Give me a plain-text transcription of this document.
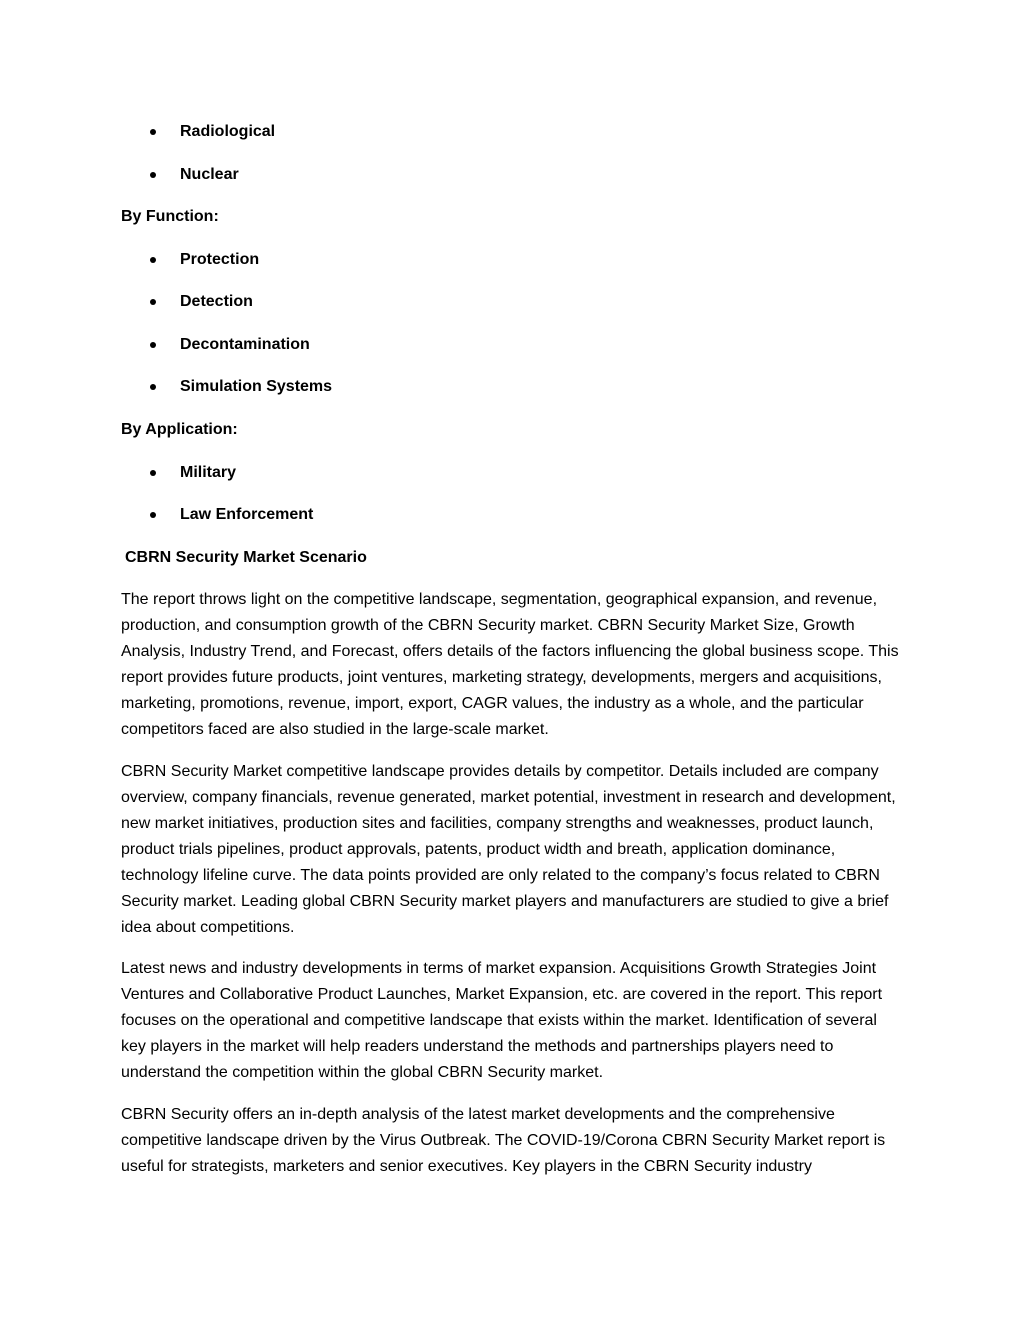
Radiological
Nuclear
By Function:
Protection
Detection
Decontamination
Simulation Systems
By Application:
Military
Law Enforcement
CBRN Security Market Scenario

The report throws light on the competitive landscape, segmentation, geographical expansion, and revenue, production, and consumption growth of the CBRN Security market. CBRN Security Market Size, Growth Analysis, Industry Trend, and Forecast, offers details of the factors influencing the global business scope. This report provides future products, joint ventures, marketing strategy, developments, mergers and acquisitions, marketing, promotions, revenue, import, export, CAGR values, the industry as a whole, and the particular competitors faced are also studied in the large-scale market.

CBRN Security Market competitive landscape provides details by competitor. Details included are company overview, company financials, revenue generated, market potential, investment in research and development, new market initiatives, production sites and facilities, company strengths and weaknesses, product launch, product trials pipelines, product approvals, patents, product width and breath, application dominance, technology lifeline curve. The data points provided are only related to the company’s focus related to CBRN Security market. Leading global CBRN Security market players and manufacturers are studied to give a brief idea about competitions.

Latest news and industry developments in terms of market expansion. Acquisitions Growth Strategies Joint Ventures and Collaborative Product Launches, Market Expansion, etc. are covered in the report. This report focuses on the operational and competitive landscape that exists within the market. Identification of several key players in the market will help readers understand the methods and partnerships players need to understand the competition within the global CBRN Security market.

CBRN Security offers an in-depth analysis of the latest market developments and the comprehensive competitive landscape driven by the Virus Outbreak. The COVID-19/Corona CBRN Security Market report is useful for strategists, marketers and senior executives. Key players in the CBRN Security industry
